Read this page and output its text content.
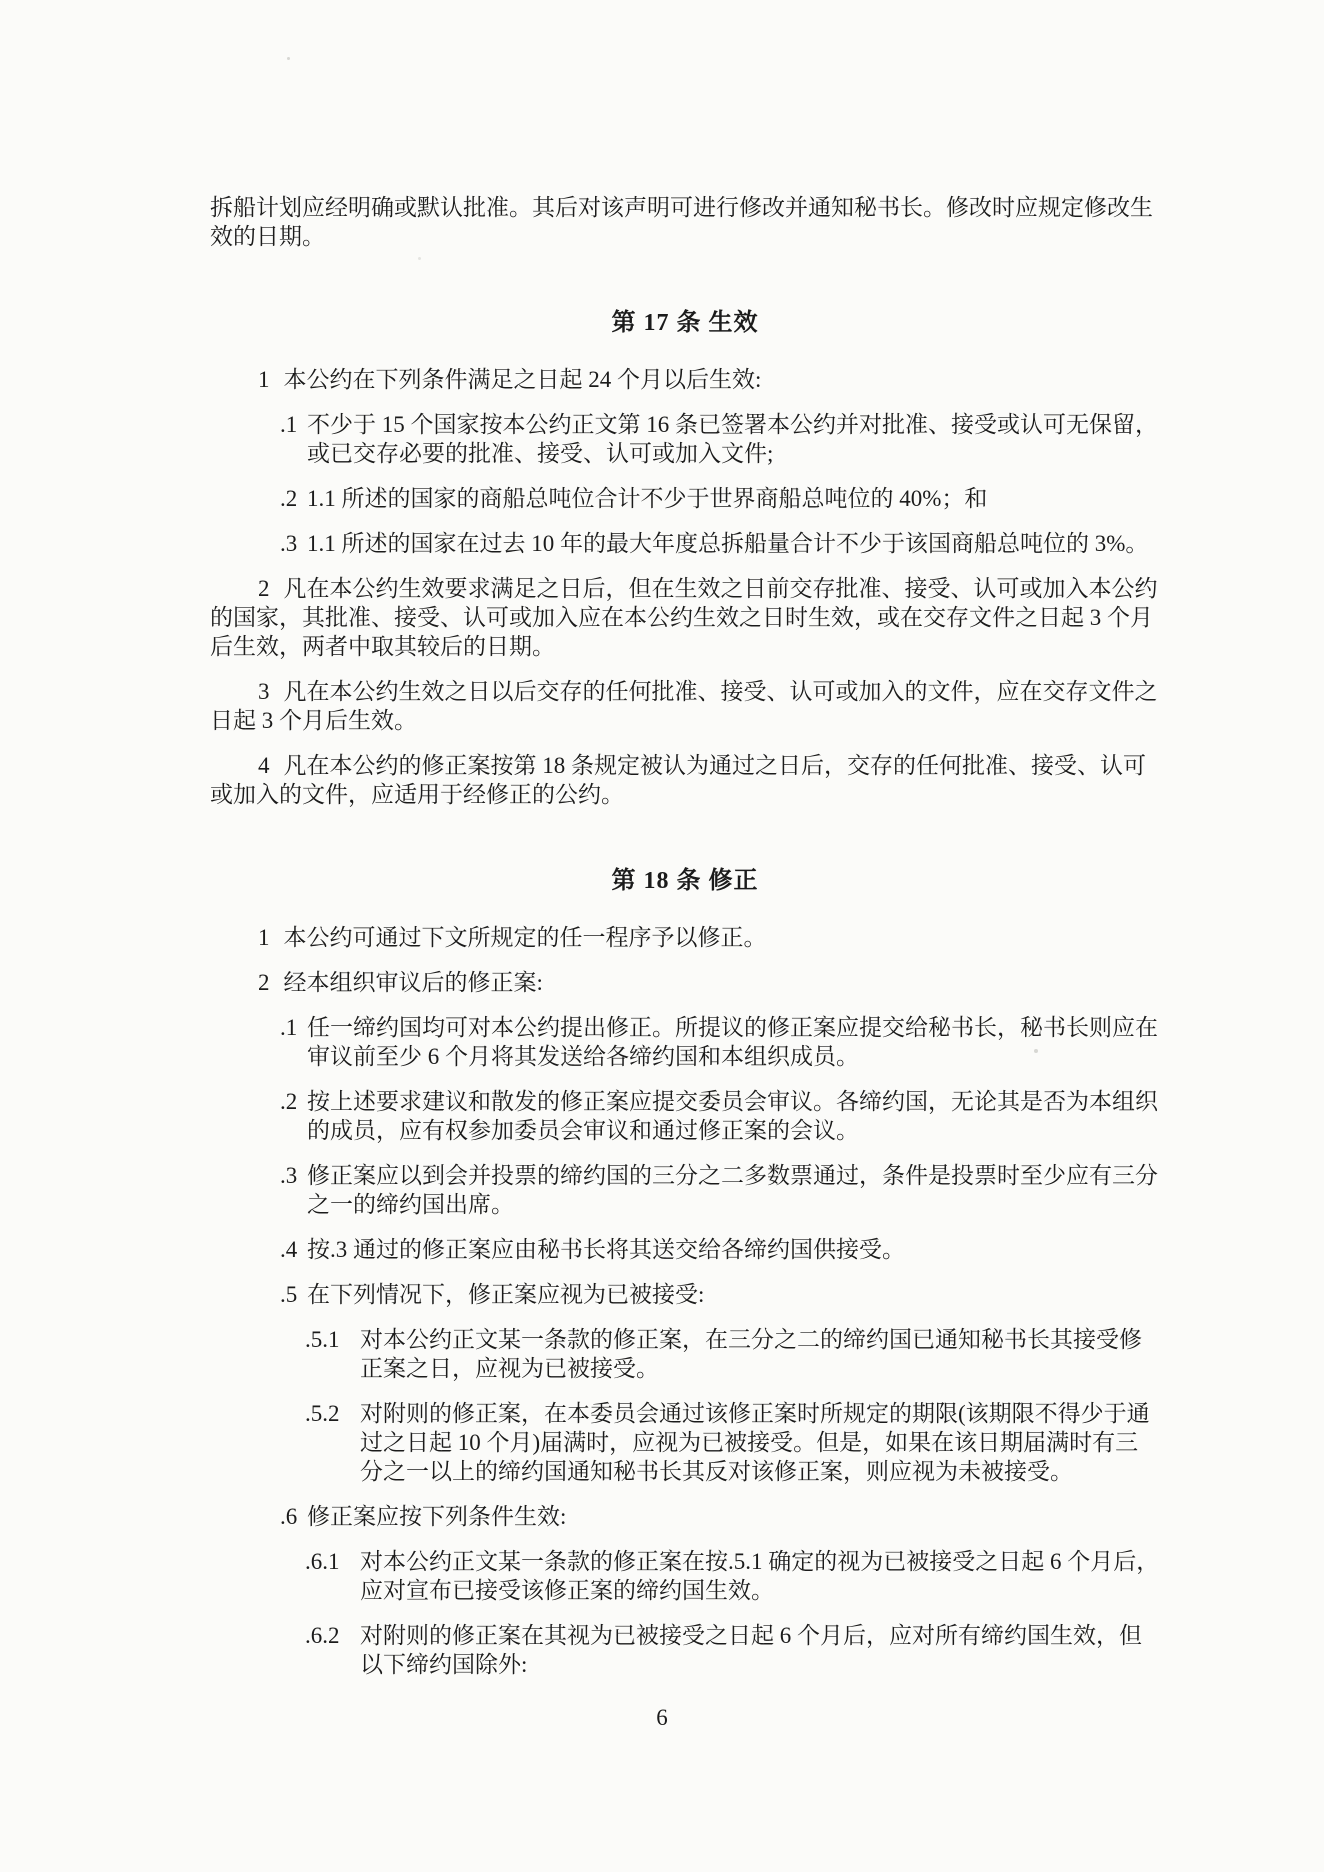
拆船计划应经明确或默认批准。其后对该声明可进行修改并通知秘书长。修改时应规定修改生效的日期。

第 17 条 生效

1 本公约在下列条件满足之日起 24 个月以后生效:

.1 不少于 15 个国家按本公约正文第 16 条已签署本公约并对批准、接受或认可无保留，或已交存必要的批准、接受、认可或加入文件;
.2 1.1 所述的国家的商船总吨位合计不少于世界商船总吨位的 40%；和
.3 1.1 所述的国家在过去 10 年的最大年度总拆船量合计不少于该国商船总吨位的 3%。

2 凡在本公约生效要求满足之日后，但在生效之日前交存批准、接受、认可或加入本公约的国家，其批准、接受、认可或加入应在本公约生效之日时生效，或在交存文件之日起 3 个月后生效，两者中取其较后的日期。

3 凡在本公约生效之日以后交存的任何批准、接受、认可或加入的文件，应在交存文件之日起 3 个月后生效。

4 凡在本公约的修正案按第 18 条规定被认为通过之日后，交存的任何批准、接受、认可或加入的文件，应适用于经修正的公约。

第 18 条 修正

1 本公约可通过下文所规定的任一程序予以修正。

2 经本组织审议后的修正案:

.1 任一缔约国均可对本公约提出修正。所提议的修正案应提交给秘书长，秘书长则应在审议前至少 6 个月将其发送给各缔约国和本组织成员。
.2 按上述要求建议和散发的修正案应提交委员会审议。各缔约国，无论其是否为本组织的成员，应有权参加委员会审议和通过修正案的会议。
.3 修正案应以到会并投票的缔约国的三分之二多数票通过，条件是投票时至少应有三分之一的缔约国出席。
.4 按.3 通过的修正案应由秘书长将其送交给各缔约国供接受。
.5 在下列情况下，修正案应视为已被接受:
.5.1 对本公约正文某一条款的修正案，在三分之二的缔约国已通知秘书长其接受修正案之日，应视为已被接受。
.5.2 对附则的修正案，在本委员会通过该修正案时所规定的期限(该期限不得少于通过之日起 10 个月)届满时，应视为已被接受。但是，如果在该日期届满时有三分之一以上的缔约国通知秘书长其反对该修正案，则应视为未被接受。
.6 修正案应按下列条件生效:
.6.1 对本公约正文某一条款的修正案在按.5.1 确定的视为已被接受之日起 6 个月后，应对宣布已接受该修正案的缔约国生效。
.6.2 对附则的修正案在其视为已被接受之日起 6 个月后，应对所有缔约国生效，但以下缔约国除外:
6
